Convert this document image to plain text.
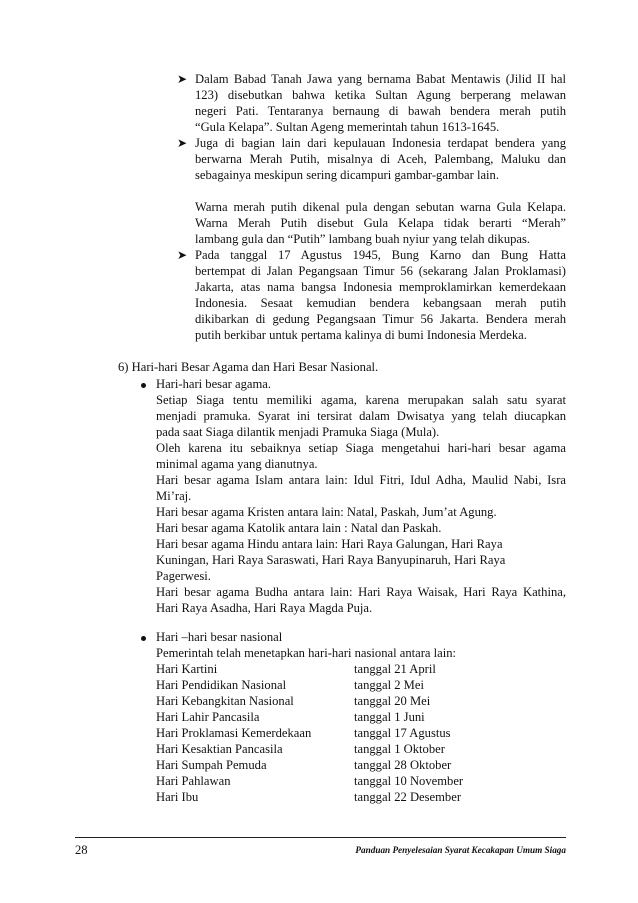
➤ Dalam Babad Tanah Jawa yang bernama Babat Mentawis (Jilid II hal
123) disebutkan bahwa ketika Sultan Agung berperang melawan
negeri Pati. Tentaranya bernaung di bawah bendera merah putih
“Gula Kelapa”. Sultan Ageng memerintah tahun 1613-1645.
➤ Juga di bagian lain dari kepulauan Indonesia terdapat bendera yang
berwarna Merah Putih, misalnya di Aceh, Palembang, Maluku dan
sebagainya meskipun sering dicampuri gambar-gambar lain.
Warna merah putih dikenal pula dengan sebutan warna Gula Kelapa.
Warna Merah Putih disebut Gula Kelapa tidak berarti “Merah”
lambang gula dan “Putih” lambang buah nyiur yang telah dikupas.
➤ Pada tanggal 17 Agustus 1945, Bung Karno dan Bung Hatta
bertempat di Jalan Pegangsaan Timur 56 (sekarang Jalan Proklamasi)
Jakarta, atas nama bangsa Indonesia memproklamirkan kemerdekaan
Indonesia. Sesaat kemudian bendera kebangsaan merah putih
dikibarkan di gedung Pegangsaan Timur 56 Jakarta. Bendera merah
putih berkibar untuk pertama kalinya di bumi Indonesia Merdeka.
6) Hari-hari Besar Agama dan Hari Besar Nasional.
Hari-hari besar agama.
Setiap Siaga tentu memiliki agama, karena merupakan salah satu syarat
menjadi pramuka. Syarat ini tersirat dalam Dwisatya yang telah diucapkan
pada saat Siaga dilantik menjadi Pramuka Siaga (Mula).
Oleh karena itu sebaiknya setiap Siaga mengetahui hari-hari besar agama
minimal agama yang dianutnya.
Hari besar agama Islam antara lain: Idul Fitri, Idul Adha, Maulid Nabi, Isra
Mi’raj.
Hari besar agama Kristen antara lain: Natal, Paskah, Jum’at Agung.
Hari besar agama Katolik antara lain : Natal dan Paskah.
Hari besar agama Hindu antara lain: Hari Raya Galungan, Hari Raya
Kuningan, Hari Raya Saraswati, Hari Raya Banyupinaruh, Hari Raya
Pagerwesi.
Hari besar agama Budha antara lain: Hari Raya Waisak, Hari Raya Kathina,
Hari Raya Asadha, Hari Raya Magda Puja.
Hari –hari besar nasional
Pemerintah telah menetapkan hari-hari nasional antara lain:
Hari Kartini	tanggal 21 April
Hari Pendidikan Nasional	tanggal 2 Mei
Hari Kebangkitan Nasional	tanggal 20 Mei
Hari Lahir Pancasila	tanggal 1 Juni
Hari Proklamasi Kemerdekaan	tanggal 17 Agustus
Hari Kesaktian Pancasila	tanggal 1 Oktober
Hari Sumpah Pemuda	tanggal 28 Oktober
Hari Pahlawan	tanggal 10 November
Hari Ibu	tanggal 22 Desember
28	Panduan Penyelesaian Syarat Kecakapan Umum Siaga
